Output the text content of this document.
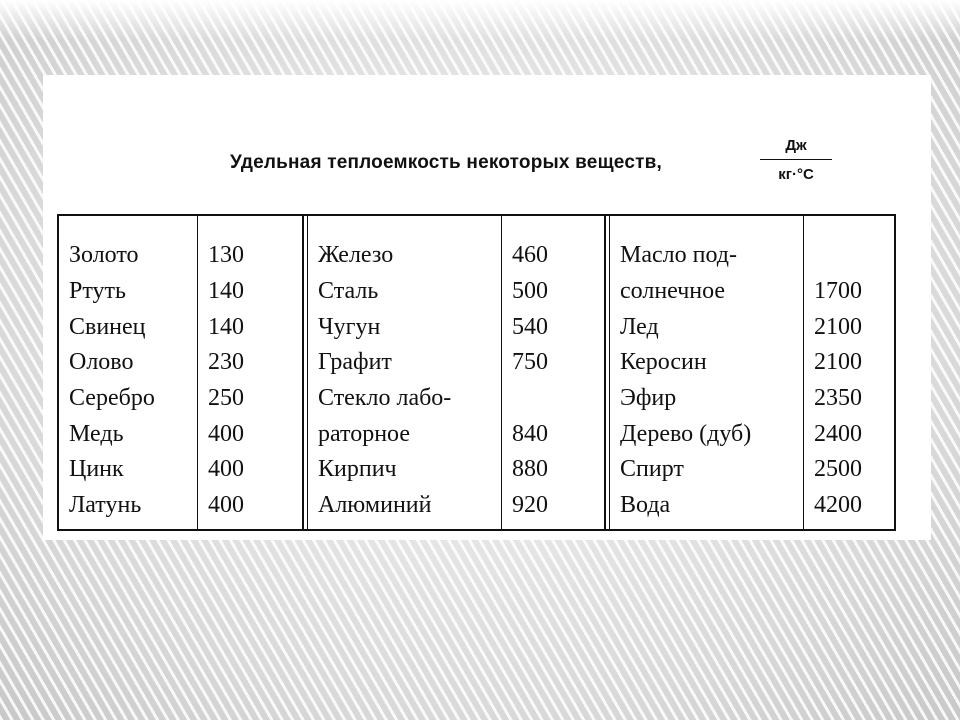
Удельная теплоемкость некоторых веществ,
Дж
кг·°С
Золото
Ртуть
Свинец
Олово
Серебро
Медь
Цинк
Латунь
130
140
140
230
250
400
400
400
Железо
Сталь
Чугун
Графит
Стекло лабо-
раторное
Кирпич
Алюминий
460
500
540
750
840
880
920
Масло под-
солнечное
Лед
Керосин
Эфир
Дерево (дуб)
Спирт
Вода
1700
2100
2100
2350
2400
2500
4200
